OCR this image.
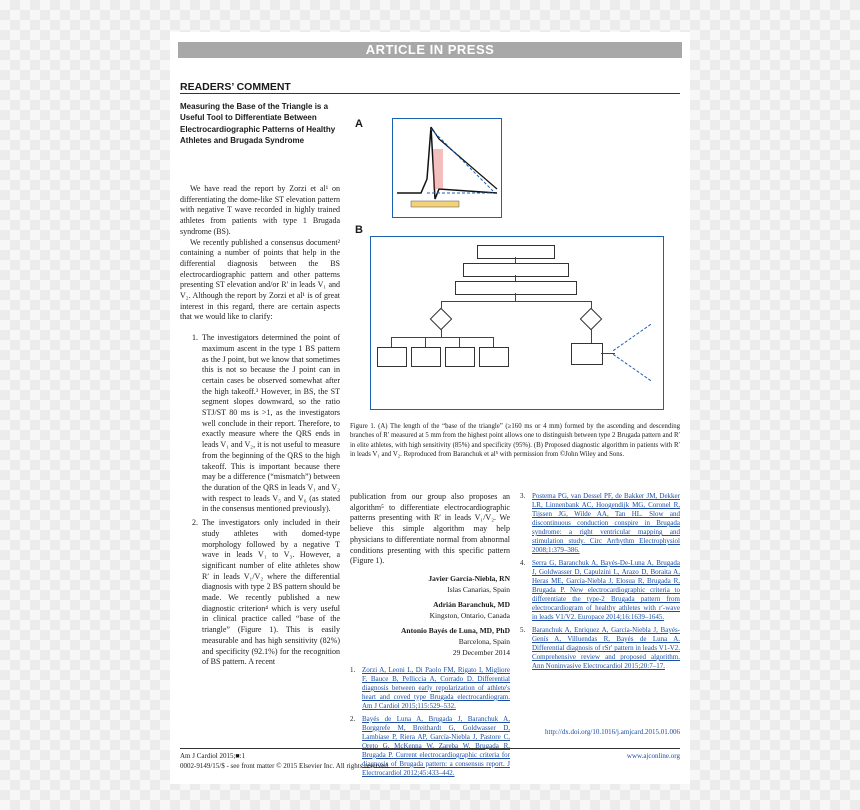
ARTICLE IN PRESS
READERS’ COMMENT
Measuring the Base of the Triangle is a Useful Tool to Differentiate Between Electrocardiographic Patterns of Healthy Athletes and Brugada Syndrome

We have read the report by Zorzi et al¹ on differentiating the dome-like ST elevation pattern with negative T wave recorded in highly trained athletes from patients with type 1 Brugada syndrome (BS).

We recently published a consensus document² containing a number of points that help in the differential diagnosis between the BS electrocardiographic pattern and other patterns presenting ST elevation and/or R′ in leads V₁ and V₂. Although the report by Zorzi et al¹ is of great interest in this regard, there are certain aspects that we would like to clarify:

1. The investigators determined the point of maximum ascent in the type 1 BS pattern as the J point, but we know that sometimes this is not so because the J point can in certain cases be observed somewhat after the high takeoff.³ However, in BS, the ST segment slopes downward, so the ratio STJ/ST 80 ms is >1, as the investigators well conclude in their report. Therefore, to exactly measure where the QRS ends in leads V₁ and V₂, it is not useful to measure from the beginning of the QRS to the high takeoff. This is important because there may be a difference (“mismatch”) between the duration of the QRS in leads V₁ and V₂ with respect to leads V₅ and V₆ (as stated in the consensus mentioned previously).
2. The investigators only included in their study athletes with domed-type morphology followed by a negative T wave in leads V₁ to V₃. However, a significant number of elite athletes show R′ in leads V₁/V₂ where the differential diagnosis with type 2 BS pattern should be made. We recently published a new diagnostic criterion⁴ which is very useful in clinical practice called “base of the triangle” (Figure 1). This is easily measurable and has high sensitivity (82%) and specificity (92.1%) for the recognition of BS pattern. A recent
A
B
Figure 1. (A) The length of the “base of the triangle” (≥160 ms or 4 mm) formed by the ascending and descending branches of R′ measured at 5 mm from the highest point allows one to distinguish between type 2 Brugada pattern and R′ in elite athletes, with high sensitivity (85%) and specificity (95%). (B) Proposed diagnostic algorithm in patients with R′ in leads V₁ and V₂. Reproduced from Baranchuk et al⁵ with permission from ©John Wiley and Sons.

publication from our group also proposes an algorithm⁵ to differentiate electrocardiographic patterns presenting with R′ in leads V₁/V₂. We believe this simple algorithm may help physicians to differentiate normal from abnormal conditions presenting with this specific pattern (Figure 1).

Javier García-Niebla, RN
Islas Canarias, Spain
Adrián Baranchuk, MD
Kingston, Ontario, Canada
Antonio Bayés de Luna, MD, PhD
Barcelona, Spain
29 December 2014
1. Zorzi A, Leoni L, Di Paolo FM, Rigato I, Migliore F, Bauce B, Pelliccia A, Corrado D. Differential diagnosis between early repolarization of athlete's heart and coved type Brugada electrocardiogram. Am J Cardiol 2015;115:529–532.
2. Bayés de Luna A, Brugada J, Baranchuk A, Borggrefe M, Breithardt G, Goldwasser D, Lambiase P, Riera AP, García-Niebla J, Pastore C, Oreto G, McKenna W, Zareba W, Brugada R, Brugada P. Current electrocardiographic criteria for diagnosis of Brugada pattern: a consensus report. J Electrocardiol 2012;45:433–442.
3. Postema PG, van Dessel PF, de Bakker JM, Dekker LR, Linnenbank AC, Hoogendijk MG, Coronel R, Tijssen JG, Wilde AA, Tan HL. Slow and discontinuous conduction conspire in Brugada syndrome: a right ventricular mapping and stimulation study. Circ Arrhythm Electrophysiol 2008;1:379–386.
4. Serra G, Baranchuk A, Bayés-De-Luna A, Brugada J, Goldwasser D, Capulzini L, Arazo D, Boraita A, Heras ME, García-Niebla J, Elosua R, Brugada R, Brugada P. New electrocardiographic criteria to differentiate the type-2 Brugada pattern from electrocardiogram of healthy athletes with r′-wave in leads V1/V2. Europace 2014;16:1639–1645.
5. Baranchuk A, Enriquez A, García-Niebla J, Bayés-Genís A, Villuendas R, Bayés de Luna A. Differential diagnosis of rSr′ pattern in leads V1-V2. Comprehensive review and proposed algorithm. Ann Noninvasive Electrocardiol 2015;20:7–17.
Am J Cardiol 2015;■:1
http://dx.doi.org/10.1016/j.amjcard.2015.01.006
0002-9149/15/$ - see front matter © 2015 Elsevier Inc. All rights reserved.
www.ajconline.org
